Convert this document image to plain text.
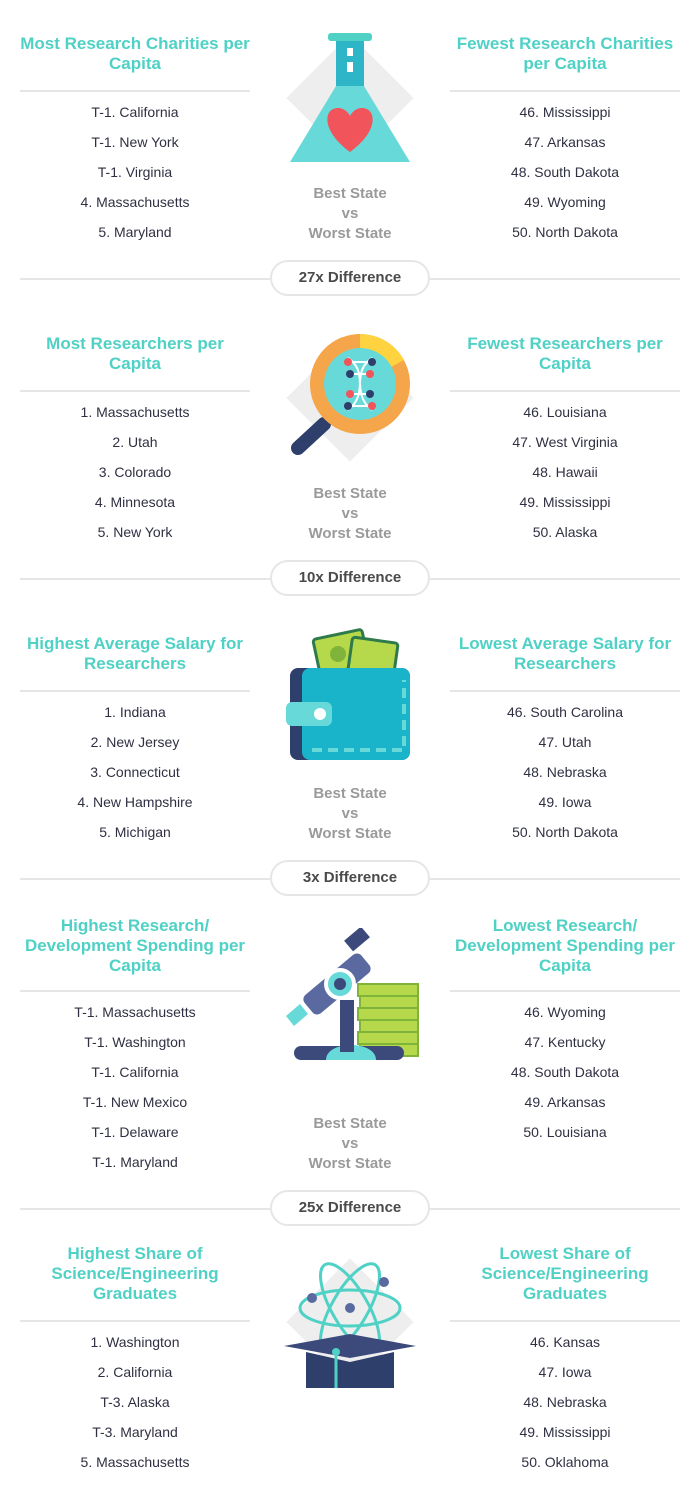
Most Research Charities per Capita
T-1. California
T-1. New York
T-1. Virginia
4. Massachusetts
5. Maryland
Fewest Research Charities per Capita
46. Mississippi
47. Arkansas
48. South Dakota
49. Wyoming
50. North Dakota
Best State
vs
Worst State
27x Difference
Most Researchers per Capita
1. Massachusetts
2. Utah
3. Colorado
4. Minnesota
5. New York
Fewest Researchers per Capita
46. Louisiana
47. West Virginia
48. Hawaii
49. Mississippi
50. Alaska
Best State
vs
Worst State
10x Difference
Highest Average Salary for Researchers
1. Indiana
2. New Jersey
3. Connecticut
4. New Hampshire
5. Michigan
Lowest Average Salary for Researchers
46. South Carolina
47. Utah
48. Nebraska
49. Iowa
50. North Dakota
Best State
vs
Worst State
3x Difference
Highest Research/ Development Spending per Capita
T-1. Massachusetts
T-1. Washington
T-1. California
T-1. New Mexico
T-1. Delaware
T-1. Maryland
Lowest Research/ Development Spending per Capita
46. Wyoming
47. Kentucky
48. South Dakota
49. Arkansas
50. Louisiana
Best State
vs
Worst State
25x Difference
Highest Share of Science/Engineering Graduates
1. Washington
2. California
T-3. Alaska
T-3. Maryland
5. Massachusetts
Lowest Share of Science/Engineering Graduates
46. Kansas
47. Iowa
48. Nebraska
49. Mississippi
50. Oklahoma
